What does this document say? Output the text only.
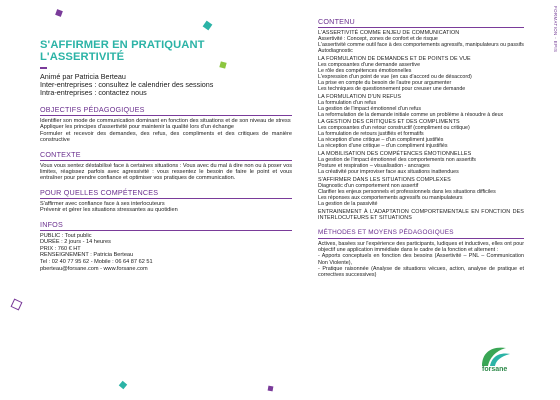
FORMATION - EPIS
S'AFFIRMER EN PRATIQUANT
L'ASSERTIVITÉ
Animé par Patricia Berteau
Inter-entreprises : consultez le calendrier des sessions
Intra-entreprises : contactez nous
OBJECTIFS PÉDAGOGIQUES

Identifier son mode de communication dominant en fonction des situations et de son niveau de stress

Appliquer les principes d'assertivité pour maintenir la qualité lors d'un échange

Formuler et recevoir des demandes, des refus, des compliments et des critiques de manière constructive

CONTEXTE

Vous vous sentez déstabilisé face à certaines situations : Vous avec du mal à dire non ou à poser vos limites, réagissez parfois avec agressivité : vous ressentez le besoin de faire le point et vous entraîner pour prendre confiance et optimiser vos pratiques de communication.

POUR QUELLES COMPÉTENCES

S'affirmer avec confiance face à ses interlocuteurs

Prévenir et gérer les situations stressantes au quotidien

INFOS
PUBLIC : Tout public
DURÉE : 2 jours - 14 heures
PRIX : 760 € HT
RENSEIGNEMENT : Patricia Berteau
Tel : 02 40 77 95 62 - Mobile : 06 64 87 62 51
pberteau@forsane.com - www.forsane.com
CONTENU
L'ASSERTIVITÉ COMME ENJEU DE COMMUNICATION
Assertivité : Concept, zones de confort et de risque
L'assertivité comme outil face à des comportements agressifs, manipulateurs ou passifs
Autodiagnostic
LA FORMULATION DE DEMANDES ET DE POINTS DE VUE
Les composantes d'une demande assertive
Le rôle des compétences émotionnelles
L'expression d'un point de vue (en cas d'accord ou de désaccord)
La prise en compte du besoin de l'autre pour argumenter
Les techniques de questionnement pour creuser une demande
LA FORMULATION D'UN REFUS
La formulation d'un refus
La gestion de l'impact émotionnel d'un refus
La reformulation de la demande initiale comme un problème à résoudre à deux
LA GESTION DES CRITIQUES ET DES COMPLIMENTS
Les composantes d'un retour constructif (compliment ou critique)
La formulation de retours justifiés et formatifs
La réception d'une critique – d'un compliment justifiés
La réception d'une critique – d'un compliment injustifiés
LA MOBILISATION DES COMPÉTENCES ÉMOTIONNELLES
La gestion de l'impact émotionnel des comportements non assertifs
Posture et respiration – visualisation - ancrages
La créativité pour improviser face aux situations inattendues
S'AFFIRMER DANS LES SITUATIONS COMPLEXES
Diagnostic d'un comportement non assertif
Clarifier les enjeux personnels et professionnels dans les situations difficiles
Les réponses aux comportements agressifs ou manipulateurs
La gestion de la passivité
ENTRAINEMENT À L'ADAPTATION COMPORTEMENTALE EN FONCTION DES INTERLOCUTEURS ET SITUATIONS
MÉTHODES ET MOYENS PÉDAGOGIQUES
Actives, basées sur l'expérience des participants, ludiques et inductives, elles ont pour objectif une application immédiate dans le cadre de la fonction et alternent :
- Apports conceptuels en fonction des besoins (Assertivité – PNL – Communication Non Violente),
- Pratique raisonnée (Analyse de situations vécues, action, analyse de pratique et correctives successives)
forsane
